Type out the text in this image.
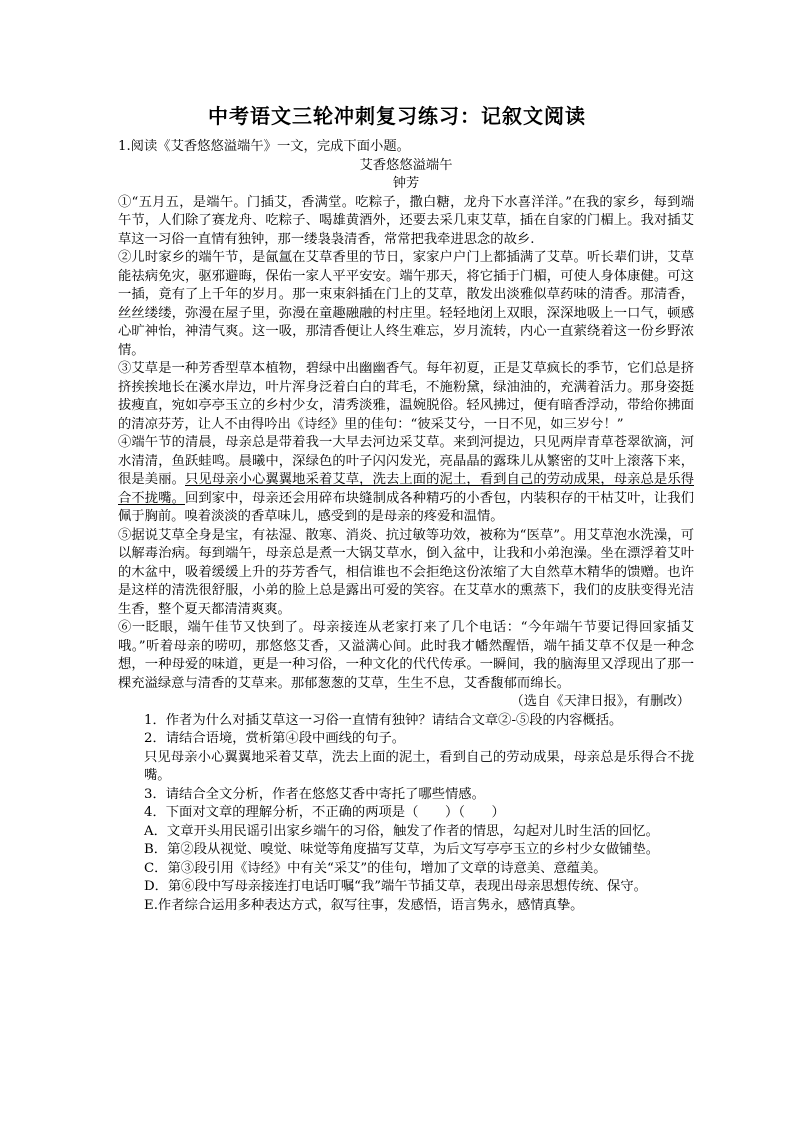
中考语文三轮冲刺复习练习：记叙文阅读

1.阅读《艾香悠悠溢端午》一文，完成下面小题。

艾香悠悠溢端午

钟芳

①“五月五，是端午。门插艾，香满堂。吃粽子，撒白糖，龙舟下水喜洋洋。”在我的家乡，每到端午节，人们除了赛龙舟、吃粽子、喝雄黄酒外，还要去采几束艾草，插在自家的门楣上。我对插艾草这一习俗一直情有独钟，那一缕袅袅清香，常常把我牵进思念的故乡.

②儿时家乡的端午节，是氤氲在艾草香里的节日，家家户户门上都插满了艾草。听长辈们讲，艾草能祛病免灾，驱邪避晦，保佑一家人平平安安。端午那天，将它插于门楣，可使人身体康健。可这一插，竟有了上千年的岁月。那一束束斜插在门上的艾草，散发出淡雅似草药味的清香。那清香，丝丝缕缕，弥漫在屋子里，弥漫在童趣融融的村庄里。轻轻地闭上双眼，深深地吸上一口气，顿感心旷神怡，神清气爽。这一吸，那清香便让人终生难忘，岁月流转，内心一直萦绕着这一份乡野浓情。

③艾草是一种芳香型草本植物，碧绿中出幽幽香气。每年初夏，正是艾草疯长的季节，它们总是挤挤挨挨地长在溪水岸边，叶片浑身泛着白白的茸毛，不施粉黛，绿油油的，充满着活力。那身姿挺拔瘦直，宛如亭亭玉立的乡村少女，清秀淡雅，温婉脱俗。轻风拂过，便有暗香浮动，带给你拂面的清凉芬芳，让人不由得吟出《诗经》里的佳句：“彼采艾兮，一日不见，如三岁兮！”

④端午节的清晨，母亲总是带着我一大早去河边采艾草。来到河提边，只见两岸青草苍翠欲滴，河水清清，鱼跃蛙鸣。晨曦中，深绿色的叶子闪闪发光，亮晶晶的露珠儿从繁密的艾叶上滚落下来，很是美丽。只见母亲小心翼翼地采着艾草，洗去上面的泥土，看到自己的劳动成果，母亲总是乐得合不拢嘴。回到家中，母亲还会用碎布块缝制成各种精巧的小香包，内装积存的干枯艾叶，让我们佩于胸前。嗅着淡淡的香草味儿，感受到的是母亲的疼爱和温情。

⑤据说艾草全身是宝，有祛湿、散寒、消炎、抗过敏等功效，被称为“医草”。用艾草泡水洗澡，可以解毒治病。每到端午，母亲总是煮一大锅艾草水，倒入盆中，让我和小弟泡澡。坐在漂浮着艾叶的木盆中，吸着缓缓上升的芬芳香气，相信谁也不会拒绝这份浓缩了大自然草木精华的馈赠。也许是这样的清洗很舒服，小弟的脸上总是露出可爱的笑容。在艾草水的熏蒸下，我们的皮肤变得光洁生香，整个夏天都清清爽爽。

⑥一眨眼，端午佳节又快到了。母亲接连从老家打来了几个电话：“今年端午节要记得回家插艾哦。”听着母亲的唠叨，那悠悠艾香，又溢满心间。此时我才幡然醒悟，端午插艾草不仅是一种念想，一种母爱的味道，更是一种习俗，一种文化的代代传承。一瞬间，我的脑海里又浮现出了那一棵充溢绿意与清香的艾草来。那郁葱葱的艾草，生生不息，艾香馥郁而绵长。

（选自《天津日报》，有删改）

1．作者为什么对插艾草这一习俗一直情有独钟？请结合文章②-⑤段的内容概括。

2．请结合语境，赏析第④段中画线的句子。

只见母亲小心翼翼地采着艾草，洗去上面的泥土，看到自己的劳动成果，母亲总是乐得合不拢嘴。

3．请结合全文分析，作者在悠悠艾香中寄托了哪些情感。

4．下面对文章的理解分析，不正确的两项是（　　）（　　）

A．文章开头用民谣引出家乡端午的习俗，触发了作者的情思，勾起对儿时生活的回忆。

B．第②段从视觉、嗅觉、味觉等角度描写艾草，为后文写亭亭玉立的乡村少女做铺垫。

C．第③段引用《诗经》中有关“采艾”的佳句，增加了文章的诗意美、意蕴美。

D．第⑥段中写母亲接连打电话叮嘱“我”端午节插艾草，表现出母亲思想传统、保守。

E.作者综合运用多种表达方式，叙写往事，发感悟，语言隽永，感情真挚。
